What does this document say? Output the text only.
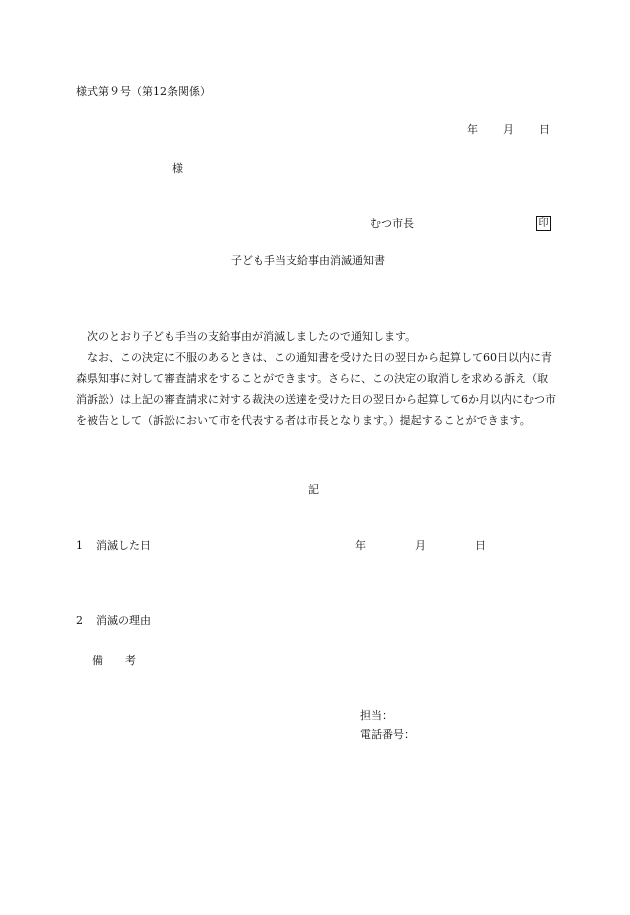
様式第９号（第12条関係）
年 月 日
様
むつ市長	印
子ども手当支給事由消滅通知書

次のとおり子ども手当の支給事由が消滅しましたので通知します。

なお、この決定に不服のあるときは、この通知書を受けた日の翌日から起算して60日以内に青森県知事に対して審査請求をすることができます。さらに、この決定の取消しを求める訴え（取消訴訟）は上記の審査請求に対する裁決の送達を受けた日の翌日から起算して6か月以内にむつ市を被告として（訴訟において市を代表する者は市長となります。）提起することができます。

記
1 消滅した日	年	月	日
2 消滅の理由
備　　考
担当：
電話番号：
